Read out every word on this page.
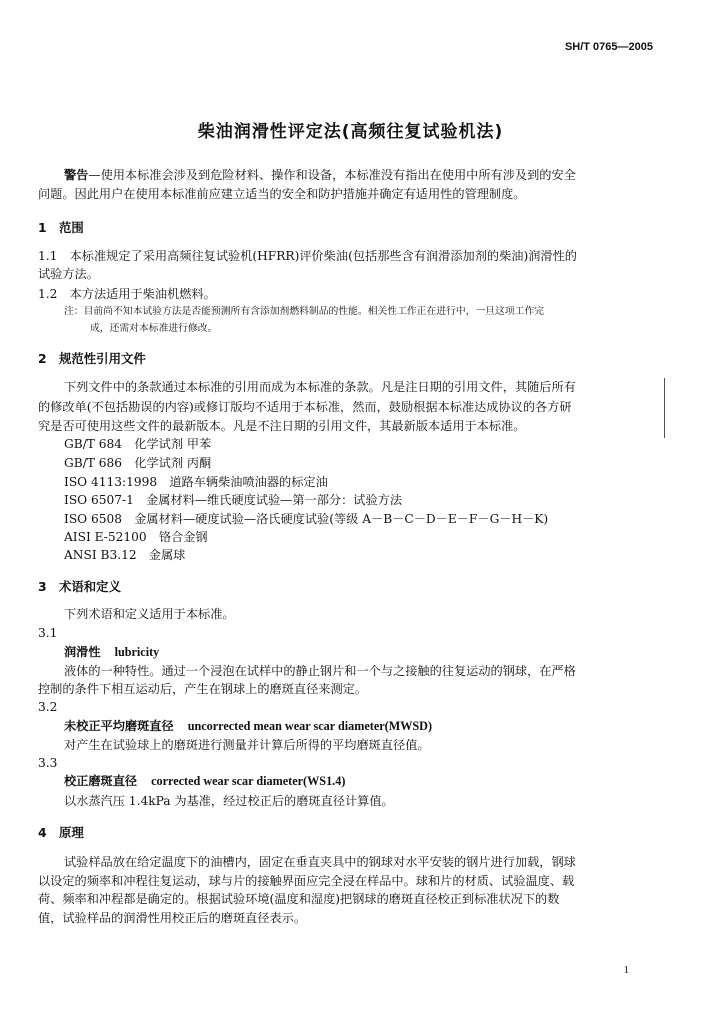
SH/T 0765—2005
柴油润滑性评定法(高频往复试验机法)
警告—使用本标准会涉及到危险材料、操作和设备，本标准没有指出在使用中所有涉及到的安全
问题。因此用户在使用本标准前应建立适当的安全和防护措施并确定有适用性的管理制度。
1　范围
1.1　本标准规定了采用高频往复试验机(HFRR)评价柴油(包括那些含有润滑添加剂的柴油)润滑性的
试验方法。
1.2　本方法适用于柴油机燃料。
注：目前尚不知本试验方法是否能预测所有含添加剂燃料制品的性能。相关性工作正在进行中，一旦这项工作完
成，还需对本标准进行修改。
2　规范性引用文件
下列文件中的条款通过本标准的引用而成为本标准的条款。凡是注日期的引用文件，其随后所有
的修改单(不包括勘误的内容)或修订版均不适用于本标准，然而，鼓励根据本标准达成协议的各方研
究是否可使用这些文件的最新版本。凡是不注日期的引用文件，其最新版本适用于本标准。
GB/T 684　化学试剂 甲苯
GB/T 686　化学试剂 丙酮
ISO 4113:1998　道路车辆柴油喷油器的标定油
ISO 6507-1　金属材料—维氏硬度试验—第一部分：试验方法
ISO 6508　金属材料—硬度试验—洛氏硬度试验(等级 A－B－C－D－E－F－G－H－K)
AISI E-52100　铬合金钢
ANSI B3.12　金属球
3　术语和定义
下列术语和定义适用于本标准。
3.1
润滑性 lubricity
液体的一种特性。通过一个浸泡在试样中的静止钢片和一个与之接触的往复运动的钢球，在严格
控制的条件下相互运动后，产生在钢球上的磨斑直径来测定。
3.2
未校正平均磨斑直径 uncorrected mean wear scar diameter(MWSD)
对产生在试验球上的磨斑进行测量并计算后所得的平均磨斑直径值。
3.3
校正磨斑直径 corrected wear scar diameter(WS1.4)
以水蒸汽压 1.4kPa 为基准，经过校正后的磨斑直径计算值。
4　原理
试验样品放在给定温度下的油槽内，固定在垂直夹具中的钢球对水平安装的钢片进行加载，钢球
以设定的频率和冲程往复运动，球与片的接触界面应完全浸在样品中。球和片的材质、试验温度、载
荷、频率和冲程都是确定的。根据试验环境(温度和湿度)把钢球的磨斑直径校正到标准状况下的数
值，试验样品的润滑性用校正后的磨斑直径表示。
1
